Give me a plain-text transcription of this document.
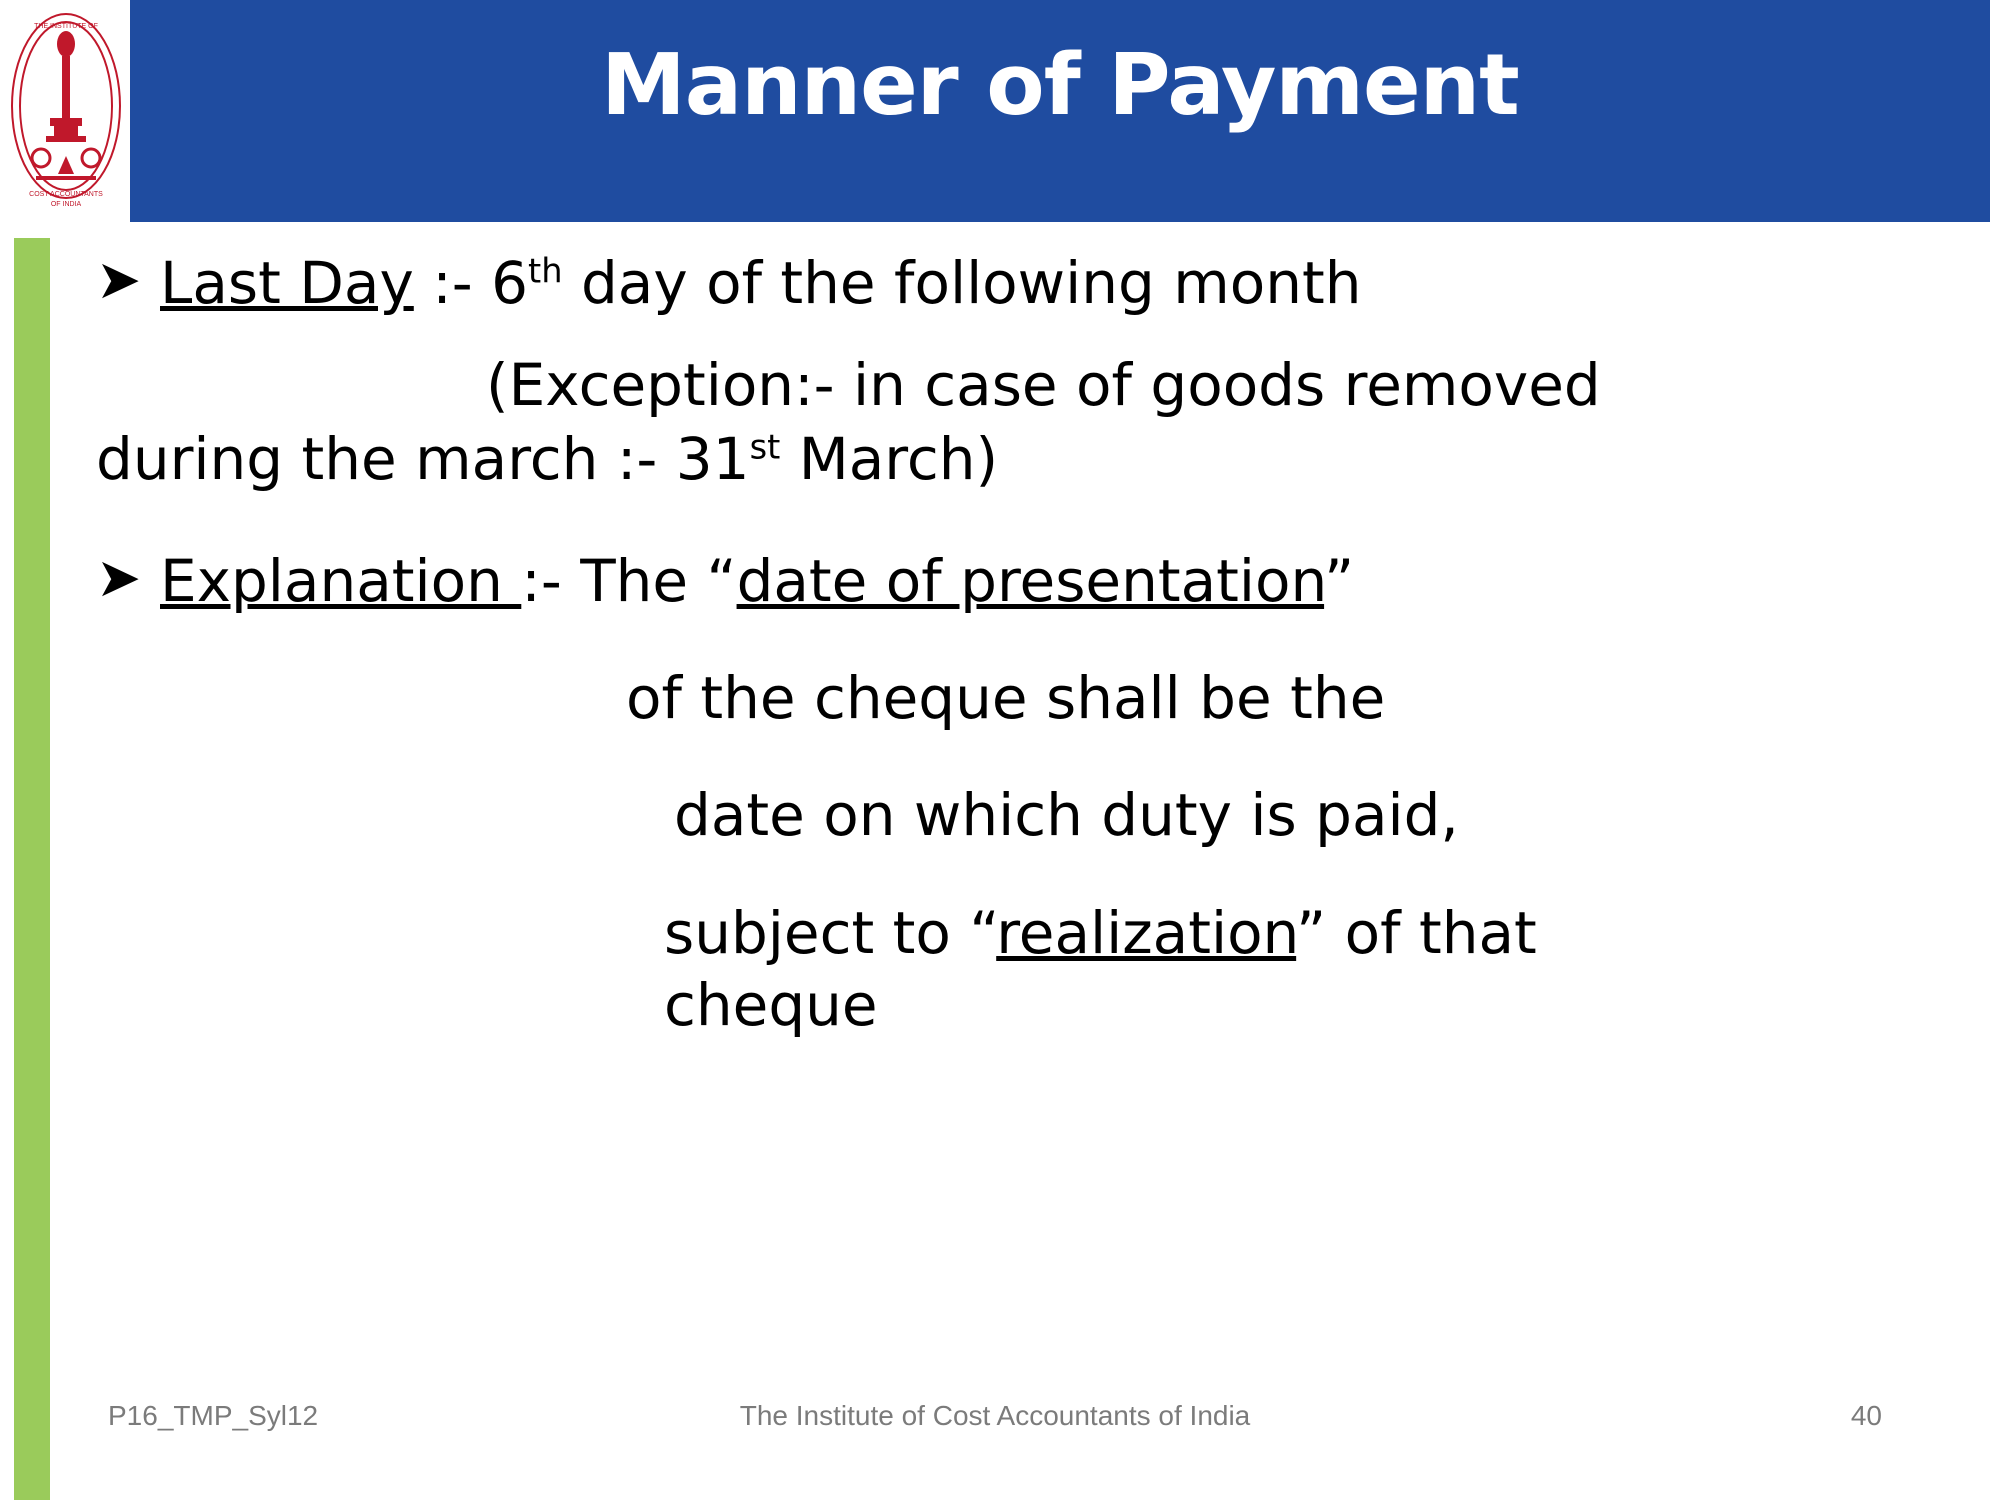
THE INSTITUTE OF
COST ACCOUNTANTS
OF INDIA
Manner of Payment
➤ Last Day :- 6th day of the following month
(Exception:- in case of goods removed
during the march :- 31st March)
➤ Explanation :- The “date of presentation”
of the cheque shall be the
date on which duty is paid,
subject to “realization” of that
cheque
P16_TMP_Syl12	The Institute of Cost Accountants of India	40
